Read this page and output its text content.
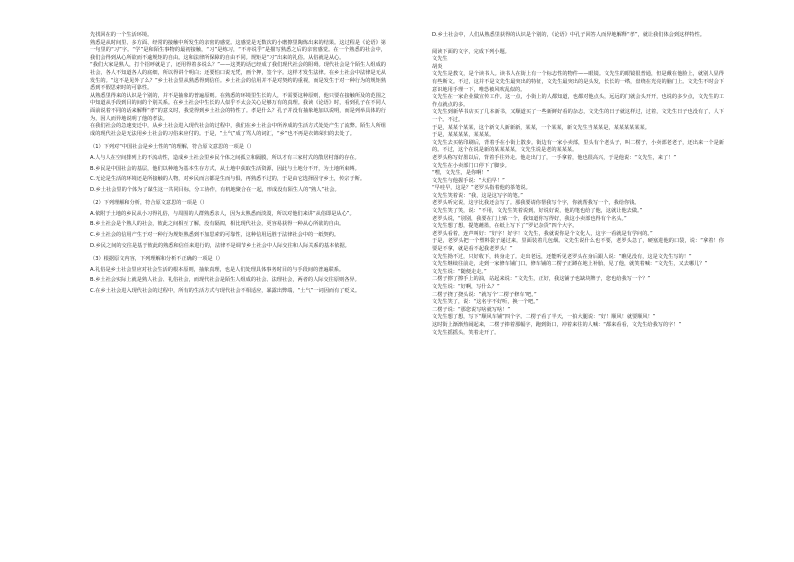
先找回在的一个生活环境。

熟悉是从时间里、多方面、经常的接触中所发生的亲密的感觉。这感觉是无数次的小磨擦里陶炼出来的结果。这过程是《论语》第一句里的“习”字。“学”是和陌生事物的最初接触，“习”是练习，“不亦说乎”是描写熟悉之后的亲密感觉。在一个熟悉的社会中，我们会得到从心所欲而不逾规矩的自由。这和法律所保障的自由不同。规矩是“习”出来的礼俗。从俗就是从心。

“我们大家是熟人，打个招呼就是了，还用得着多说么？”——这类的话已经成了我们现代社会的阻碍。现代社会是个陌生人组成的社会，各人不知道各人的底细，所以得讲个明白；还要怕口说无凭，画个押，签个字。这样才发生法律。在乡土社会中法律是无从发生的。“这不是见外了么？”乡土社会里从熟悉得到信任。乡土社会的信用并不是对契约的重视，而是发生于对一种行为的规矩熟悉到不假思索时的可靠性。

从熟悉里得来的认识是个别的，并不是抽象的普遍原则。在熟悉的环境里生长的人，不需要这种原则，他只要在接触所及的范围之中知道从手段到目的间的个别关系。在乡土社会中生长的人似乎不太会关心足够万有的真理。我读《论语》时，看到孔子在不同人面前说着不同的话来解释“孝”的意义时，我觉得到乡土社会的特性了。孝是什么？孔子并没有抽象地加以说明，而是列举具体的行为，因人而异地说明了他的孝法。

在我们社会的急速变迁中，从乡土社会进入现代社会的过程中，我们在乡土社会中所养成的生活方式处处产生了流弊。陌生人所组成的现代社会是无法用乡土社会的习俗来应付的。于是，“土气”成了骂人的词汇，“乡”也不再是衣锦荣归的去处了。

（1）下列对“中国社会是乡土性的”的理解，符合原文意思的一项是（）

A.人与人在空间排列上的不流动性，造成乡土社会里乡民个体之间孤立和隔膜，所以才有三家村式的散居村落的存在。

B.乡民是中国社会的基层，他们以种地为基本生存方式，从土地中获取生活资源，因此与土地分不开，为土地所束缚。

C.无论是生活的环境还是所接触的人物，对乡民而言都是生而与俱，再熟悉不过的，于是由它选择固守乡土，传宗于斯。

D.乡土社会里的个体为了谋生这一共同目标，分工协作，有机地聚合在一起，形成没有陌生人的“熟人”社会。

（2）下列理解和分析，符合原文意思的一项是（）

A.依附于土地的乡民从小习得礼俗，与周围的人群熟悉亲人，因为太熟悉而淡漠，所以对他们来讲“从俗即是从心”。

B.乡土社会是个熟人的社会，彼此之间相互了解，没有隔阂，相比现代社会，更容易获得一种从心所欲的自由。

C.乡土社会的信用产生于对一种行为规矩熟悉到不加思索的可靠性，这种信用远胜于法律社会中的一纸契约。

D.乡民之间的交往是基于彼此的熟悉和信任来进行的，法律不是调节乡土社会中人际交往和人际关系的基本依据。

（3）根据原文内容，下列理解和分析不正确的一项是（）

A.礼俗是乡土社会里应对社会生活的根本原则，抽象真理，也是人们处理具体事务时目的与手段间的普遍联系。

B.乡土社会实际上就是熟人社会、礼俗社会，而现代社会是陌生人组成的社会、法理社会，两者的人际交往原则各异。

C.在乡土社会进入现代社会的过程中，所有的生活方式与现代社会不相适应，暴露出弊端，“土气”一词因而有了贬义。

D.乡土社会中，人们从熟悉里获得的认识是个别的，《论语》中孔子回答人而异地解释“孝”，就让我们体会到这样特性。

阅读下面的文字，完成下列小题。

文先生

胡炎

文先生是教文，是个读书人。读书人在街上有一个标志性的物件——眼镜。文先生的眼镜很普通，但是戴在他脸上，就别人显得有些斯文。不过，这并不是文先生最突出的特征，文先生最突出的是头发，长长的一绺，盘绕在光亮的脑门上。文先生不时会下意识地用手理一下，唯恐被风吹乱似的。

文先生在一家企业做宣传工作。这一点，小街上的人都知道，也都对他点头，远远的门就会头开开，也说的多少点，文先生的工作点就点的多。

文先生到新华书店买了几本新书，又顺道买了一些新鲜好看的杂志，文先生的日子就这样过，过着，文先生日子也没有了，人下一个。不过。

于是，某某个某某，这个新文人新新新，某某，一个某某，新文先生当某某是，某某某某某某。

于是，某某某某，某某某。

文先生去买帖印刷后，背着手在小街上散步。街边有一家小卖部，里头有个老头子，叫二楞子，小卖部老老子，还出来一个是新的。不过，这个在说是新的某某某某，文先生说是老的某某某。

老罗头称写好墨以后，背着手往外走。他走出门了，一手拿着，他也很高兴，于是他说：“文先生，来了！”

文先生在小卖部门口停下了脚步。

“嘿，文先生，是你啊！”

文先生与他握手说：“大伯早！”

“早哇早，这是？”老罗头指着他的茶笔说。

文先生笑着说：“我，这是这写字的笔。”

老罗头听完说，这字比我还会写了。那我要请你帮我写个字，你就帮我写一个，我给你钱。

文先生笑了笑，说：“不用，文先生笑着说到，好说好说，他的笔也给了他，这就让他去做。”

老罗头说，“别别，我要在门上贴一个，我知道你写得好，我这小卖部也得有个名头。”

文先生想了想，提笔蘸墨，在纸上写下了“罗记杂货”四个大字。

老罗头看着，连声叫好：“好字！好字！文先生，我就说你是个文化人，这字一看就是有学问的。”

于是，老罗头把一个塑料袋子递过来，里面装着几包烟。文先生说什么也不要，老罗头急了，硬塞进他的口袋，说：“拿着！你要是不拿，就是看不起我老罗头！”

文先生拗不过，只好收下，转身走了。走出老远，还能听见老罗头在身后跟人说：“瞧见没有，这是文先生写的！”

文先生继续往前走，走到一家修车铺门口。修车铺的二楞子正蹲在地上补胎，见了他，就笑着喊：“文先生，又去哪儿？”

文先生说：“随便走走。”

二楞子擦了擦手上的油，站起来说：“文先生，正好，我这铺子也缺块牌子，您也给我写一个？”

文先生说：“好啊，写什么？”

二楞子挠了挠头说：“就写个‘二楞子修车’吧。”

文先生笑了，说：“这名字不好听，换一个吧。”

二楞子说：“那您说写啥就写啥！”

文先生想了想，写下“顺风车铺”四个字。二楞子看了半天，一拍大腿说：“好！顺风！就要顺风！”

这时街上渐渐热闹起来，二楞子捧着那幅字，跑到街口，冲着来往的人喊：“都来看看，文先生给我写的字！”

文先生摇摇头，笑着走开了。
